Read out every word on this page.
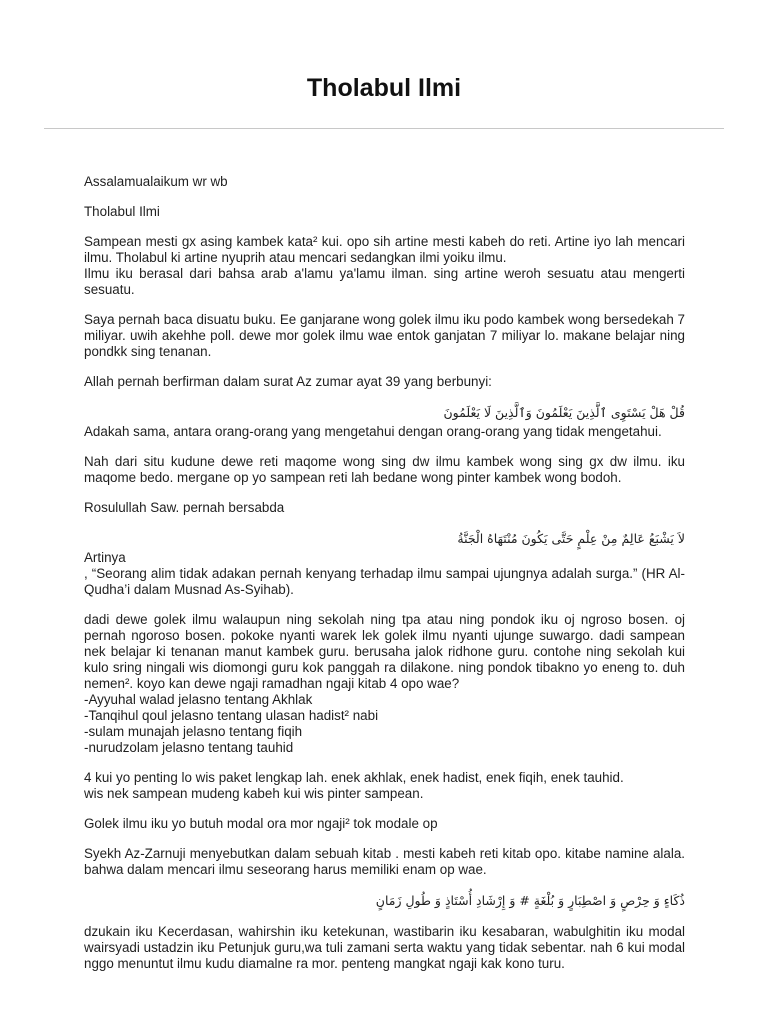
Tholabul Ilmi

Assalamualaikum wr wb

Tholabul Ilmi

Sampean mesti gx asing kambek kata² kui. opo sih artine mesti kabeh do reti. Artine iyo lah mencari ilmu. Tholabul ki artine nyuprih atau mencari sedangkan ilmi yoiku ilmu.

Ilmu iku berasal dari bahsa arab a'lamu ya'lamu ilman. sing artine weroh sesuatu atau mengerti sesuatu.

Saya pernah baca disuatu buku. Ee ganjarane wong golek ilmu iku podo kambek wong bersedekah 7 miliyar. uwih akehhe poll. dewe mor golek ilmu wae entok ganjatan 7 miliyar lo. makane belajar ning pondkk sing tenanan.

Allah pernah berfirman dalam surat Az zumar ayat 39 yang berbunyi:

قُلْ هَلْ يَسْتَوِى ٱلَّذِينَ يَعْلَمُونَ وَٱلَّذِينَ لَا يَعْلَمُونَ

Adakah sama, antara orang-orang yang mengetahui dengan orang-orang yang tidak mengetahui.

Nah dari situ kudune dewe reti maqome wong sing dw ilmu kambek wong sing gx dw ilmu. iku maqome bedo. mergane op yo sampean reti lah bedane wong pinter kambek wong bodoh.

Rosulullah Saw. pernah bersabda

لاَ يَشْبَعُ عَالِمٌ مِنْ عِلْمٍ حَتَّى يَكُونَ مُنْتَهَاهُ الْجَنَّةُ

Artinya

, “Seorang alim tidak adakan pernah kenyang terhadap ilmu sampai ujungnya adalah surga.” (HR Al-Qudha’i dalam Musnad As-Syihab).

dadi dewe golek ilmu walaupun ning sekolah ning tpa atau ning pondok iku oj ngroso bosen. oj pernah ngoroso bosen. pokoke nyanti warek lek golek ilmu nyanti ujunge suwargo. dadi sampean nek belajar ki tenanan manut kambek guru. berusaha jalok ridhone guru. contohe ning sekolah kui kulo sring ningali wis diomongi guru kok panggah ra dilakone. ning pondok tibakno yo eneng to. duh nemen². koyo kan dewe ngaji ramadhan ngaji kitab 4 opo wae?

-Ayyuhal walad jelasno tentang Akhlak

-Tanqihul qoul jelasno tentang ulasan hadist² nabi

-sulam munajah jelasno tentang fiqih

-nurudzolam jelasno tentang tauhid

4 kui yo penting lo wis paket lengkap lah. enek akhlak, enek hadist, enek fiqih, enek tauhid.

wis nek sampean mudeng kabeh kui wis pinter sampean.

Golek ilmu iku yo butuh modal ora mor ngaji² tok modale op

Syekh Az-Zarnuji menyebutkan dalam sebuah kitab . mesti kabeh reti kitab opo. kitabe namine alala. bahwa dalam mencari ilmu seseorang harus memiliki enam op wae.

ذُكَاءٍ وَ حِرْصٍ وَ اصْطِبَارٍ وَ بُلْغَةٍ # وَ إِرْشَادِ أُسْتَاذٍ وَ طُولِ زَمَانٍ

dzukain iku Kecerdasan, wahirshin iku ketekunan, wastibarin iku kesabaran, wabulghitin iku modal wairsyadi ustadzin iku Petunjuk guru,wa tuli zamani serta waktu yang tidak sebentar. nah 6 kui modal nggo menuntut ilmu kudu diamalne ra mor. penteng mangkat ngaji kak kono turu.
